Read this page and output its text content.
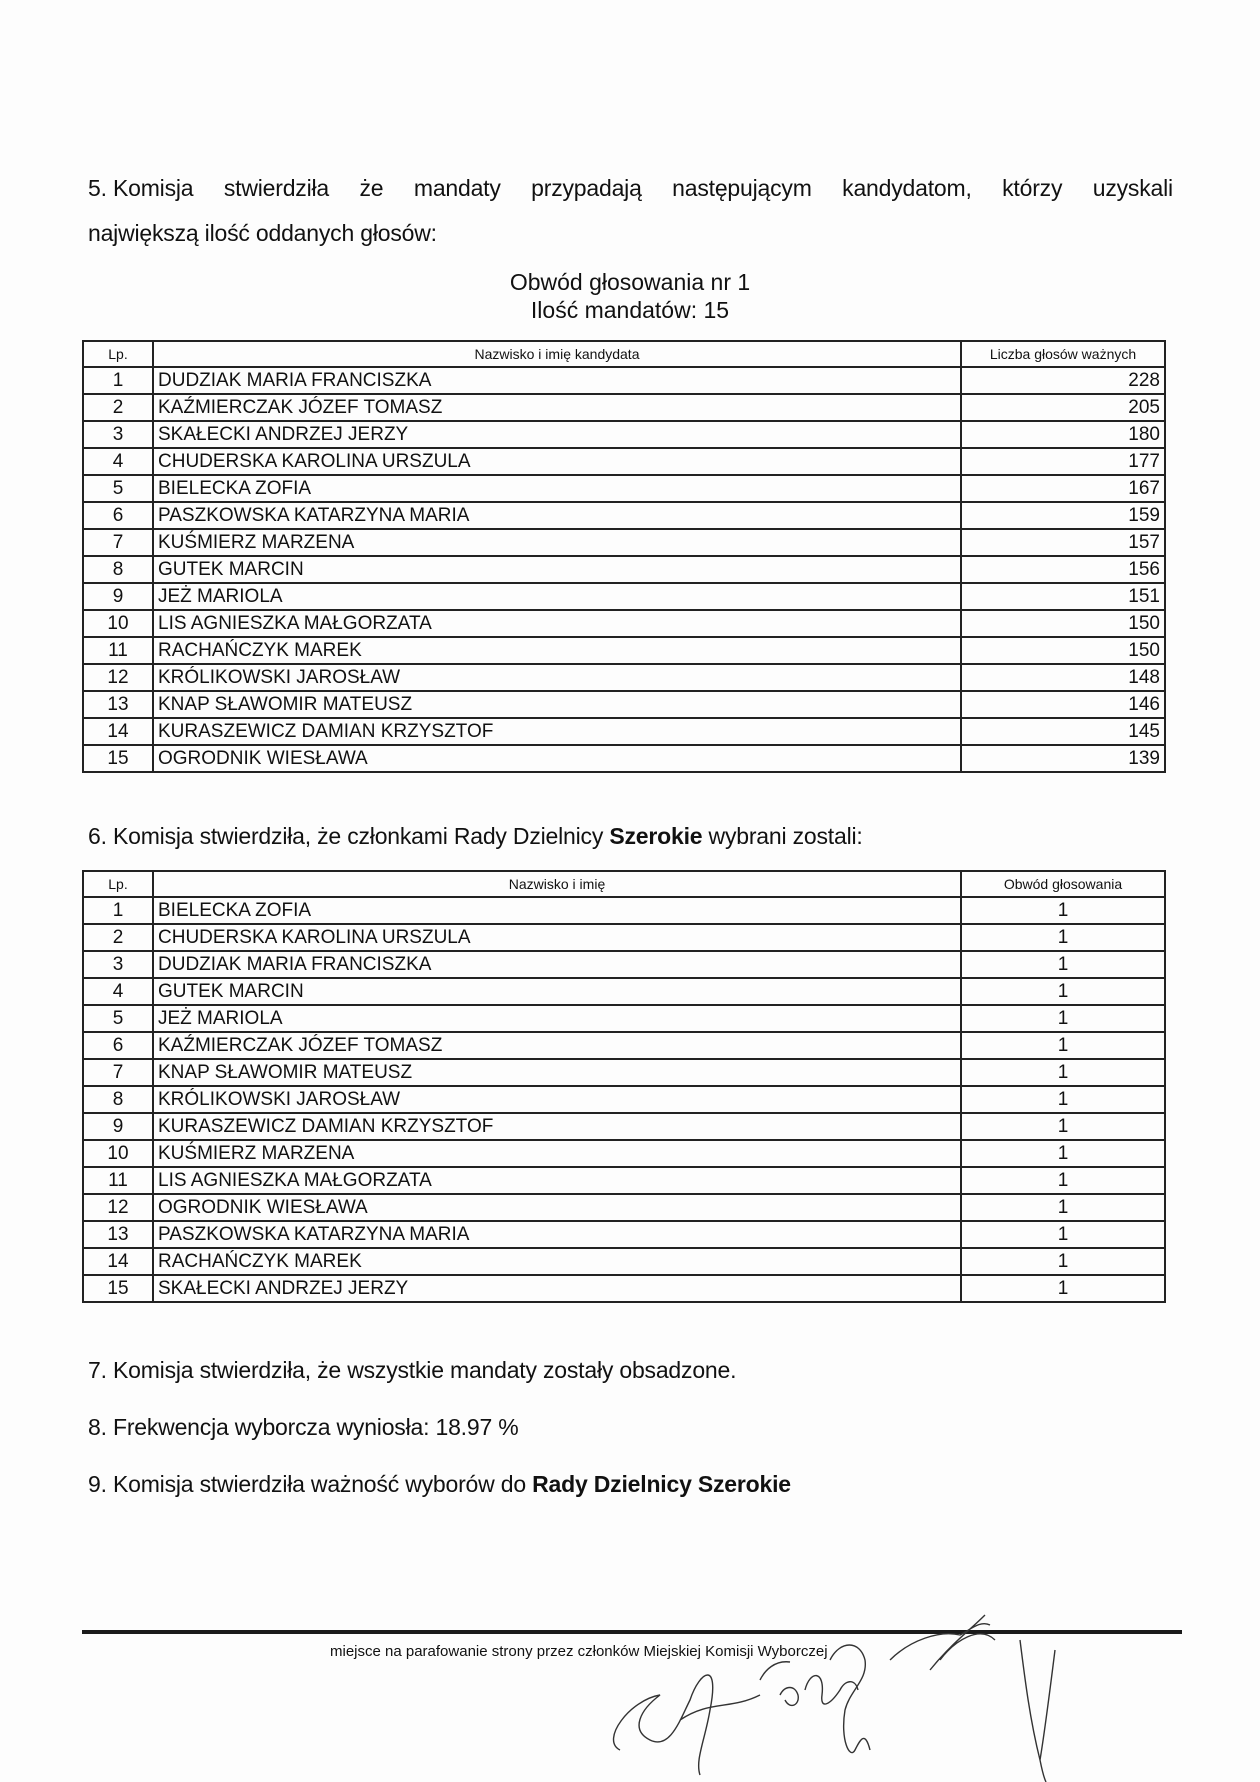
5. Komisja stwierdziła że mandaty przypadają następującym kandydatom, którzy uzyskali
największą ilość oddanych głosów:
Obwód głosowania nr 1
Ilość mandatów: 15
Lp.	Nazwisko i imię kandydata	Liczba głosów ważnych
1	DUDZIAK MARIA FRANCISZKA	228
2	KAŹMIERCZAK JÓZEF TOMASZ	205
3	SKAŁECKI ANDRZEJ JERZY	180
4	CHUDERSKA KAROLINA URSZULA	177
5	BIELECKA ZOFIA	167
6	PASZKOWSKA KATARZYNA MARIA	159
7	KUŚMIERZ MARZENA	157
8	GUTEK MARCIN	156
9	JEŻ MARIOLA	151
10	LIS AGNIESZKA MAŁGORZATA	150
11	RACHAŃCZYK MAREK	150
12	KRÓLIKOWSKI JAROSŁAW	148
13	KNAP SŁAWOMIR MATEUSZ	146
14	KURASZEWICZ DAMIAN KRZYSZTOF	145
15	OGRODNIK WIESŁAWA	139
6. Komisja stwierdziła, że członkami Rady Dzielnicy Szerokie wybrani zostali:
Lp.	Nazwisko i imię	Obwód głosowania
1	BIELECKA ZOFIA	1
2	CHUDERSKA KAROLINA URSZULA	1
3	DUDZIAK MARIA FRANCISZKA	1
4	GUTEK MARCIN	1
5	JEŻ MARIOLA	1
6	KAŹMIERCZAK JÓZEF TOMASZ	1
7	KNAP SŁAWOMIR MATEUSZ	1
8	KRÓLIKOWSKI JAROSŁAW	1
9	KURASZEWICZ DAMIAN KRZYSZTOF	1
10	KUŚMIERZ MARZENA	1
11	LIS AGNIESZKA MAŁGORZATA	1
12	OGRODNIK WIESŁAWA	1
13	PASZKOWSKA KATARZYNA MARIA	1
14	RACHAŃCZYK MAREK	1
15	SKAŁECKI ANDRZEJ JERZY	1
7. Komisja stwierdziła, że wszystkie mandaty zostały obsadzone.
8. Frekwencja wyborcza wyniosła: 18.97 %
9. Komisja stwierdziła ważność wyborów do Rady Dzielnicy Szerokie
miejsce na parafowanie strony przez członków Miejskiej Komisji Wyborczej
